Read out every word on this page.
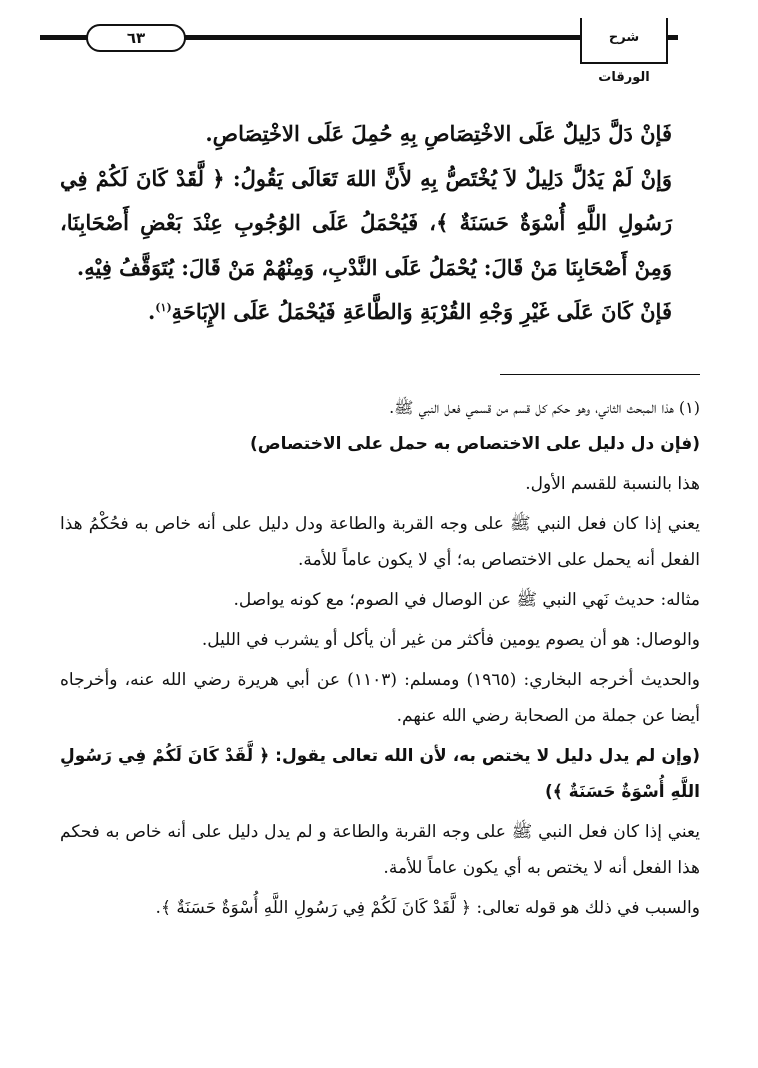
٦٣	شرح الورقات

فَإنْ دَلَّ دَلِيلٌ عَلَى الاخْتِصَاصِ بِهِ حُمِلَ عَلَى الاخْتِصَاصِ.

وَإنْ لَمْ يَدُلَّ دَلِيلٌ لاَ يُخْتَصُّ بِهِ لأَنَّ اللهَ تَعَالَى يَقُولُ: ﴿ لَّقَدْ كَانَ لَكُمْ فِي رَسُولِ اللَّهِ أُسْوَةٌ حَسَنَةٌ ﴾، فَيُحْمَلُ عَلَى الوُجُوبِ عِنْدَ بَعْضِ أَصْحَابِنَا، وَمِنْ أَصْحَابِنَا مَنْ قَالَ: يُحْمَلُ عَلَى النَّدْبِ، وَمِنْهُمْ مَنْ قَالَ: يُتَوَقَّفُ فِيْهِ.

فَإنْ كَانَ عَلَى غَيْرِ وَجْهِ القُرْبَةِ وَالطَّاعَةِ فَيُحْمَلُ عَلَى الإِبَاحَةِ$^{(١)}$.

(١) هذا المبحث الثاني، وهو حكم كل قسم من قسمي فعل النبي ﷺ.

(فإن دل دليل على الاختصاص به حمل على الاختصاص)

هذا بالنسبة للقسم الأول.

يعني إذا كان فعل النبي ﷺ على وجه القربة والطاعة ودل دليل على أنه خاص به فحُكْمُ هذا الفعل أنه يحمل على الاختصاص به؛ أي لا يكون عاماً للأمة.

مثاله: حديث نَهي النبي ﷺ عن الوصال في الصوم؛ مع كونه يواصل.

والوصال: هو أن يصوم يومين فأكثر من غير أن يأكل أو يشرب في الليل.

والحديث أخرجه البخاري: (١٩٦٥) ومسلم: (١١٠٣) عن أبي هريرة رضي الله عنه، وأخرجاه أيضا عن جملة من الصحابة رضي الله عنهم.

(وإن لم يدل دليل لا يختص به، لأن الله تعالى يقول: ﴿ لَّقَدْ كَانَ لَكُمْ فِي رَسُولِ اللَّهِ أُسْوَةٌ حَسَنَةٌ ﴾)

يعني إذا كان فعل النبي ﷺ على وجه القربة والطاعة و لم يدل دليل على أنه خاص به فحكم هذا الفعل أنه لا يختص به أي يكون عاماً للأمة.

والسبب في ذلك هو قوله تعالى: ﴿ لَّقَدْ كَانَ لَكُمْ فِي رَسُولِ اللَّهِ أُسْوَةٌ حَسَنَةٌ ﴾.
